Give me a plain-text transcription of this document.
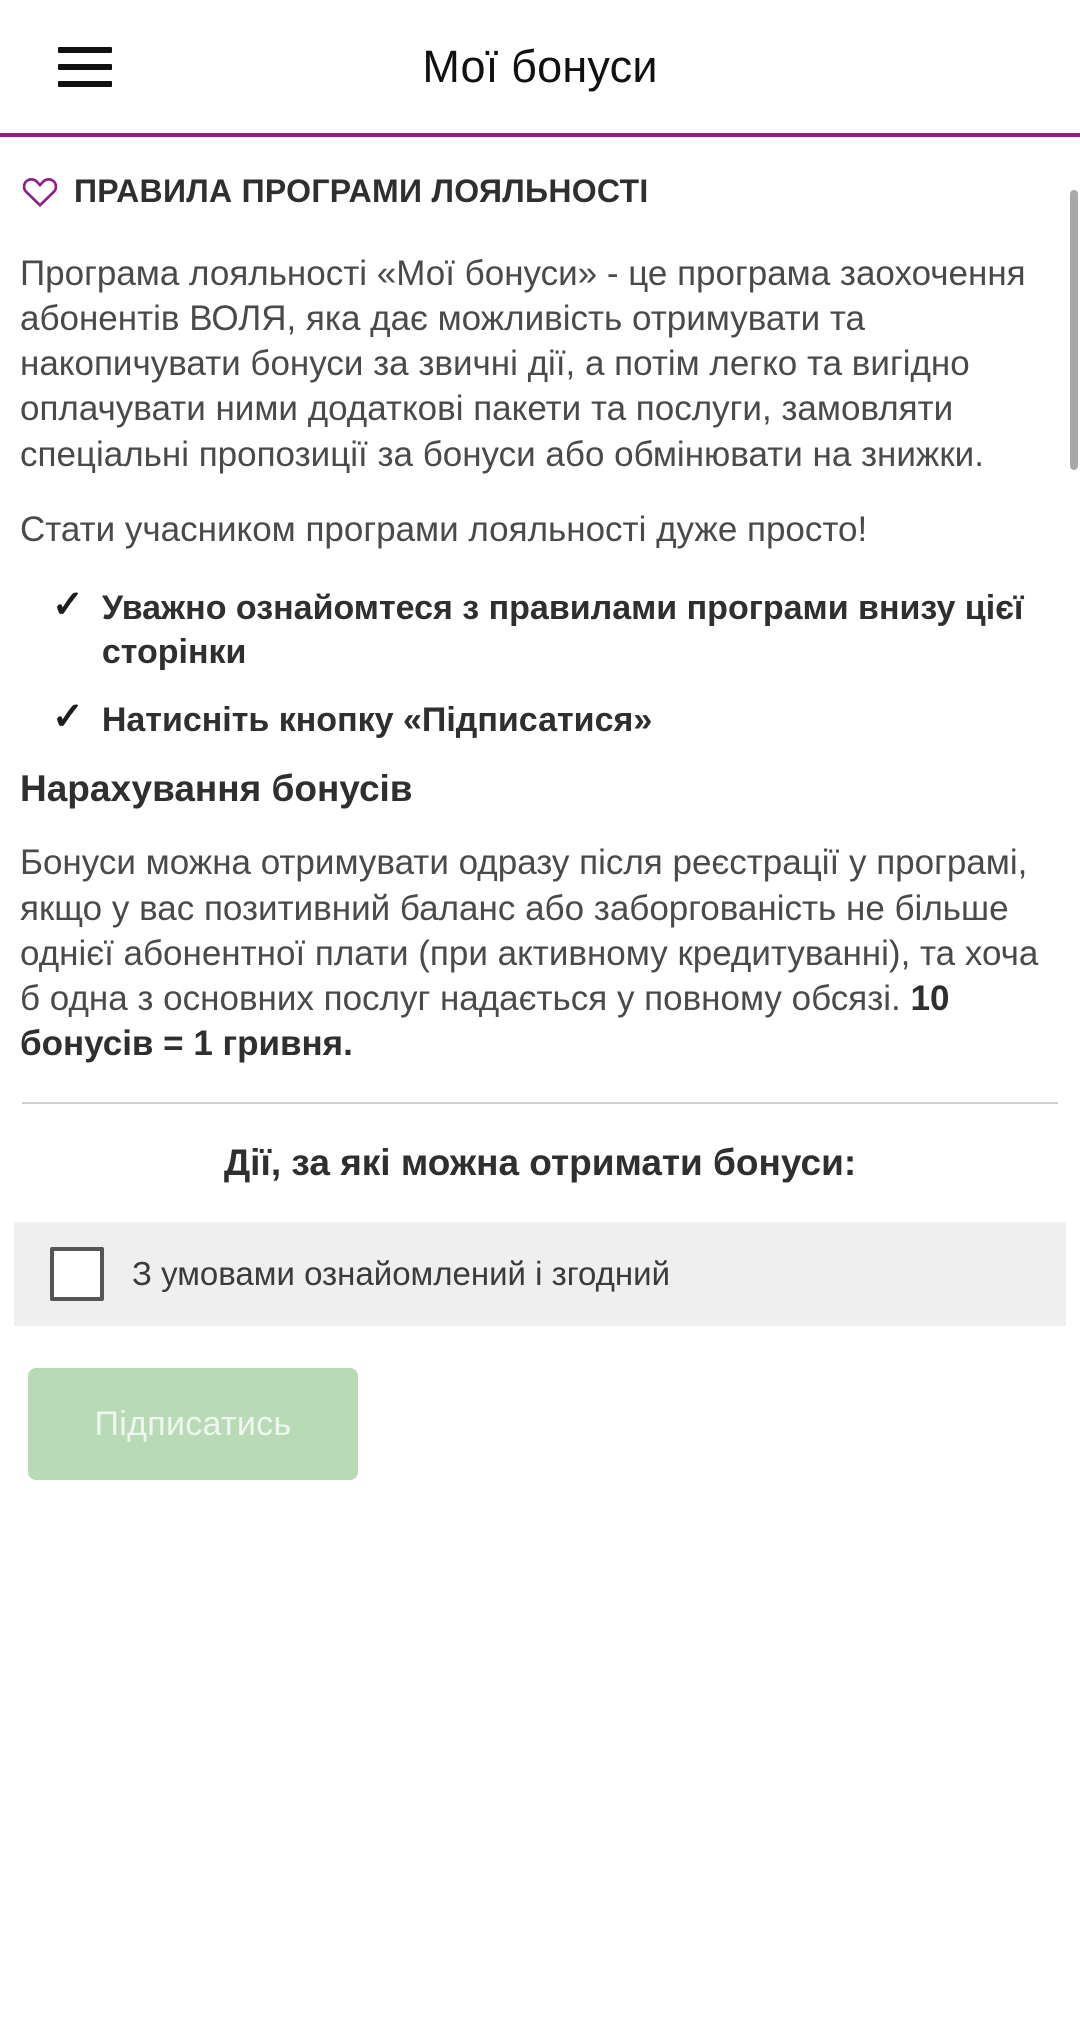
Мої бонуси
ПРАВИЛА ПРОГРАМИ ЛОЯЛЬНОСТІ

Програма лояльності «Мої бонуси» - це програма заохочення абонентів ВОЛЯ, яка дає можливість отримувати та накопичувати бонуси за звичні дії, а потім легко та вигідно оплачувати ними додаткові пакети та послуги, замовляти спеціальні пропозиції за бонуси або обмінювати на знижки.

Стати учасником програми лояльності дуже просто!

✓ Уважно ознайомтеся з правилами програми внизу цієї сторінки
✓ Натисніть кнопку «Підписатися»
Нарахування бонусів

Бонуси можна отримувати одразу після реєстрації у програмі, якщо у вас позитивний баланс або заборгованість не більше однієї абонентної плати (при активному кредитуванні), та хоча б одна з основних послуг надається у повному обсязі. 10 бонусів = 1 гривня.

Дії, за які можна отримати бонуси:
З умовами ознайомлений і згодний
Підписатись
